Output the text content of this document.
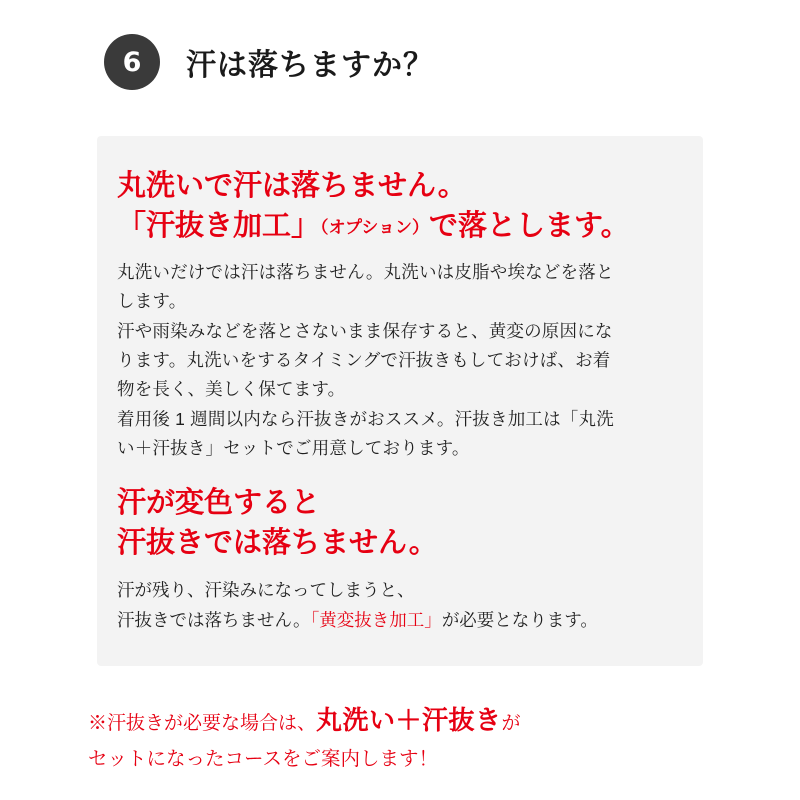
6	汗は落ちますか？
丸洗いで汗は落ちません。
「汗抜き加工」（オプション）で落とします。

丸洗いだけでは汗は落ちません。丸洗いは皮脂や埃などを落と

します。

汗や雨染みなどを落とさないまま保存すると、黄変の原因にな

ります。丸洗いをするタイミングで汗抜きもしておけば、お着

物を長く、美しく保てます。

着用後 1 週間以内なら汗抜きがおススメ。汗抜き加工は「丸洗

い＋汗抜き」セットでご用意しております。

汗が変色すると
汗抜きでは落ちません。

汗が残り、汗染みになってしまうと、

汗抜きでは落ちません。「黄変抜き加工」が必要となります。

※汗抜きが必要な場合は、丸洗い＋汗抜きが
セットになったコースをご案内します！
